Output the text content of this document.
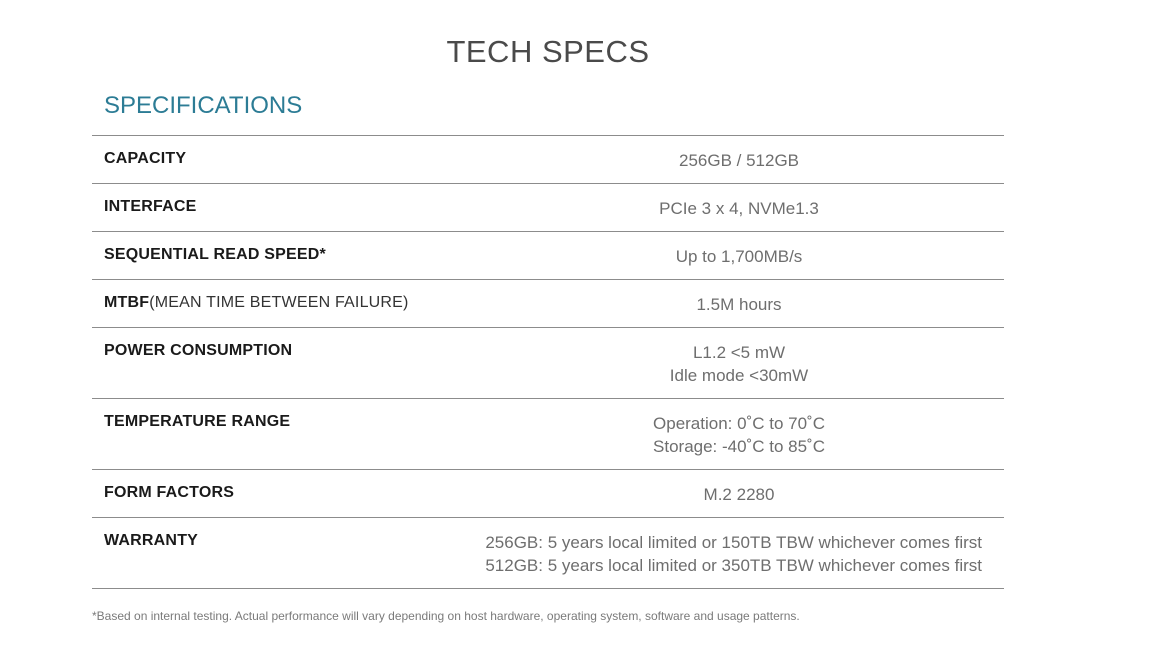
TECH SPECS
SPECIFICATIONS
CAPACITY	256GB / 512GB
INTERFACE	PCIe 3 x 4, NVMe1.3
SEQUENTIAL READ SPEED*	Up to 1,700MB/s
MTBF(MEAN TIME BETWEEN FAILURE)	1.5M hours
POWER CONSUMPTION	L1.2 <5 mW
Idle mode <30mW
TEMPERATURE RANGE	Operation: 0˚C to 70˚C
Storage: -40˚C to 85˚C
FORM FACTORS	M.2 2280
WARRANTY	256GB: 5 years local limited or 150TB TBW whichever comes first
512GB: 5 years local limited or 350TB TBW whichever comes first
*Based on internal testing. Actual performance will vary depending on host hardware, operating system, software and usage patterns.
